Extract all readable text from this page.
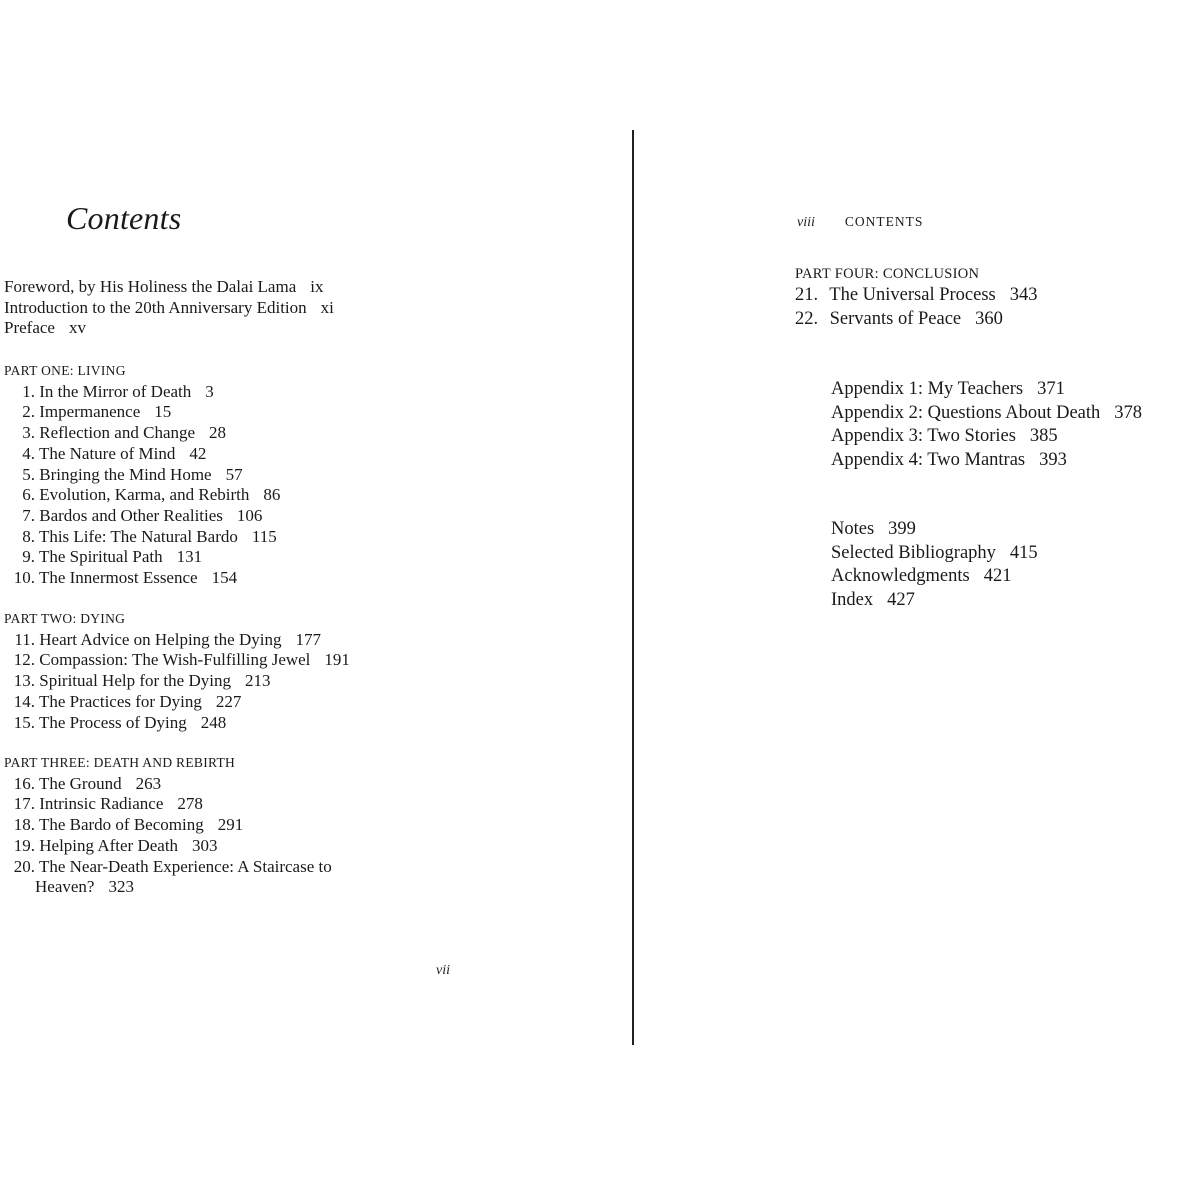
Contents
Foreword, by His Holiness the Dalai Lama ix
Introduction to the 20th Anniversary Edition xi
Preface xv
PART ONE: LIVING
1. In the Mirror of Death 3
2. Impermanence 15
3. Reflection and Change 28
4. The Nature of Mind 42
5. Bringing the Mind Home 57
6. Evolution, Karma, and Rebirth 86
7. Bardos and Other Realities 106
8. This Life: The Natural Bardo 115
9. The Spiritual Path 131
10. The Innermost Essence 154
PART TWO: DYING
11. Heart Advice on Helping the Dying 177
12. Compassion: The Wish-Fulfilling Jewel 191
13. Spiritual Help for the Dying 213
14. The Practices for Dying 227
15. The Process of Dying 248
PART THREE: DEATH AND REBIRTH
16. The Ground 263
17. Intrinsic Radiance 278
18. The Bardo of Becoming 291
19. Helping After Death 303
20. The Near-Death Experience: A Staircase to
Heaven? 323
vii
viii CONTENTS
PART FOUR: CONCLUSION
21. The Universal Process 343
22. Servants of Peace 360
Appendix 1: My Teachers 371
Appendix 2: Questions About Death 378
Appendix 3: Two Stories 385
Appendix 4: Two Mantras 393
Notes 399
Selected Bibliography 415
Acknowledgments 421
Index 427
